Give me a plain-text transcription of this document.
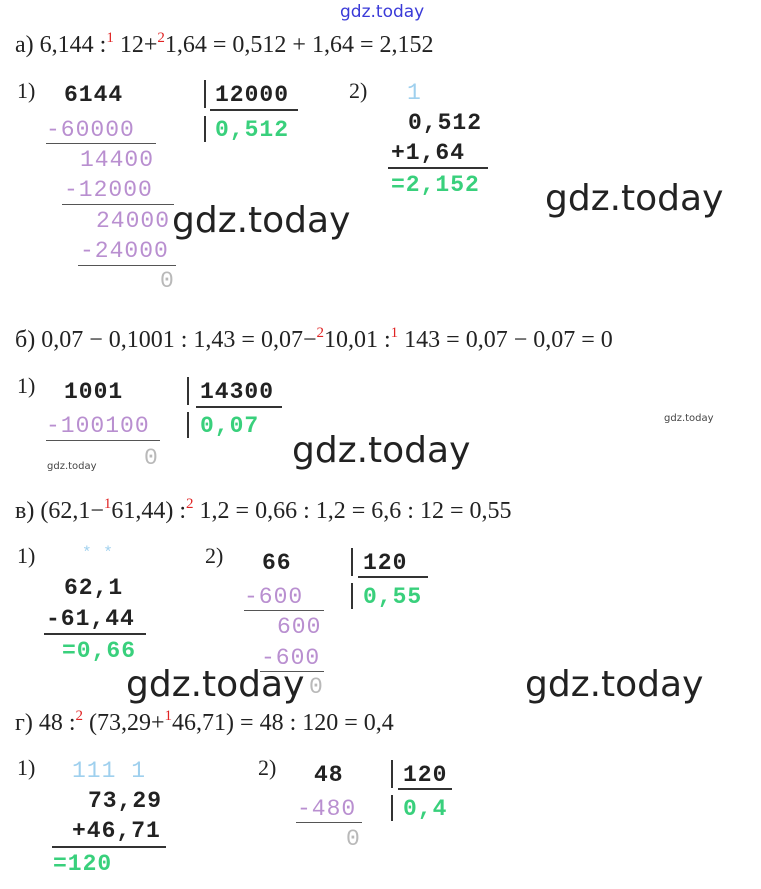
gdz.today
а) 6,144 :$^1$ 12+$^2$1,64 = 0,512 + 1,64 = 2,152
1) 6144	12000
0,512
-60000
14400
-12000
24000
-24000
0
gdz.today
2) 1
0,512
+1,64
=2,152 gdz.today
б) 0,07 − 0,1001 : 1,43 = 0,07−$^2$10,01 :$^1$ 143 = 0,07 − 0,07 = 0
1) 1001	14300
0,07
-100100
0
gdz.today
gdz.today
gdz.today
в) (62,1−$^1$61,44) :$^2$ 1,2 = 0,66 : 1,2 = 6,6 : 12 = 0,55
1)	* *
62,1
-61,44
=0,66
2) 66	120
0,55
-600
600
-600
0
gdz.today	gdz.today
г) 48 :$^2$ (73,29+$^1$46,71) = 48 : 120 = 0,4
1) 111 1
73,29
+46,71
=120
2) 48	120
0,4
-480
0
